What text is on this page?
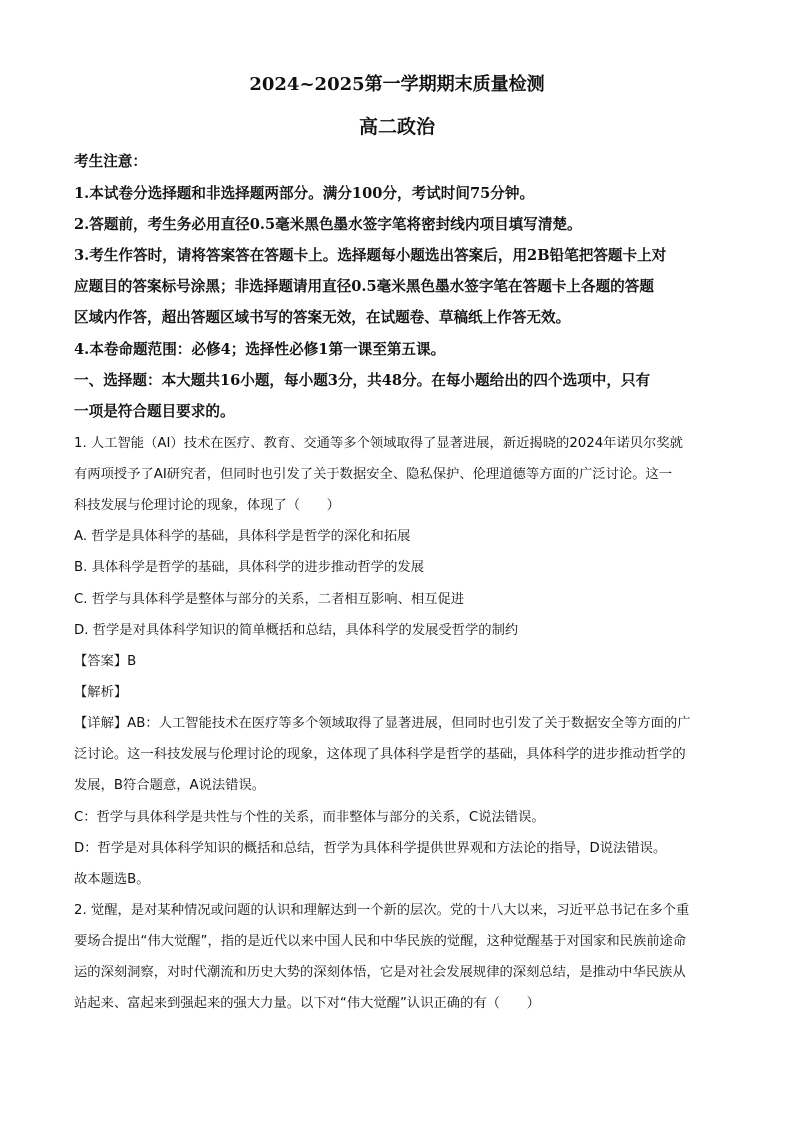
2024~2025第一学期期末质量检测
高二政治
考生注意：
1.本试卷分选择题和非选择题两部分。满分100分，考试时间75分钟。
2.答题前，考生务必用直径0.5毫米黑色墨水签字笔将密封线内项目填写清楚。
3.考生作答时，请将答案答在答题卡上。选择题每小题选出答案后，用2B铅笔把答题卡上对
应题目的答案标号涂黑；非选择题请用直径0.5毫米黑色墨水签字笔在答题卡上各题的答题
区域内作答，超出答题区域书写的答案无效，在试题卷、草稿纸上作答无效。
4.本卷命题范围：必修4；选择性必修1第一课至第五课。
一、选择题：本大题共16小题，每小题3分，共48分。在每小题给出的四个选项中，只有
一项是符合题目要求的。
1. 人工智能（AI）技术在医疗、教育、交通等多个领域取得了显著进展，新近揭晓的2024年诺贝尔奖就
有两项授予了AI研究者，但同时也引发了关于数据安全、隐私保护、伦理道德等方面的广泛讨论。这一
科技发展与伦理讨论的现象，体现了（　　）
A. 哲学是具体科学的基础，具体科学是哲学的深化和拓展
B. 具体科学是哲学的基础，具体科学的进步推动哲学的发展
C. 哲学与具体科学是整体与部分的关系，二者相互影响、相互促进
D. 哲学是对具体科学知识的简单概括和总结，具体科学的发展受哲学的制约
【答案】B
【解析】
【详解】AB：人工智能技术在医疗等多个领域取得了显著进展，但同时也引发了关于数据安全等方面的广
泛讨论。这一科技发展与伦理讨论的现象，这体现了具体科学是哲学的基础，具体科学的进步推动哲学的
发展，B符合题意，A说法错误。
C：哲学与具体科学是共性与个性的关系，而非整体与部分的关系，C说法错误。
D：哲学是对具体科学知识的概括和总结，哲学为具体科学提供世界观和方法论的指导，D说法错误。
故本题选B。
2. 觉醒，是对某种情况或问题的认识和理解达到一个新的层次。党的十八大以来，习近平总书记在多个重
要场合提出“伟大觉醒”，指的是近代以来中国人民和中华民族的觉醒，这种觉醒基于对国家和民族前途命
运的深刻洞察，对时代潮流和历史大势的深刻体悟，它是对社会发展规律的深刻总结，是推动中华民族从
站起来、富起来到强起来的强大力量。以下对“伟大觉醒”认识正确的有（　　）
